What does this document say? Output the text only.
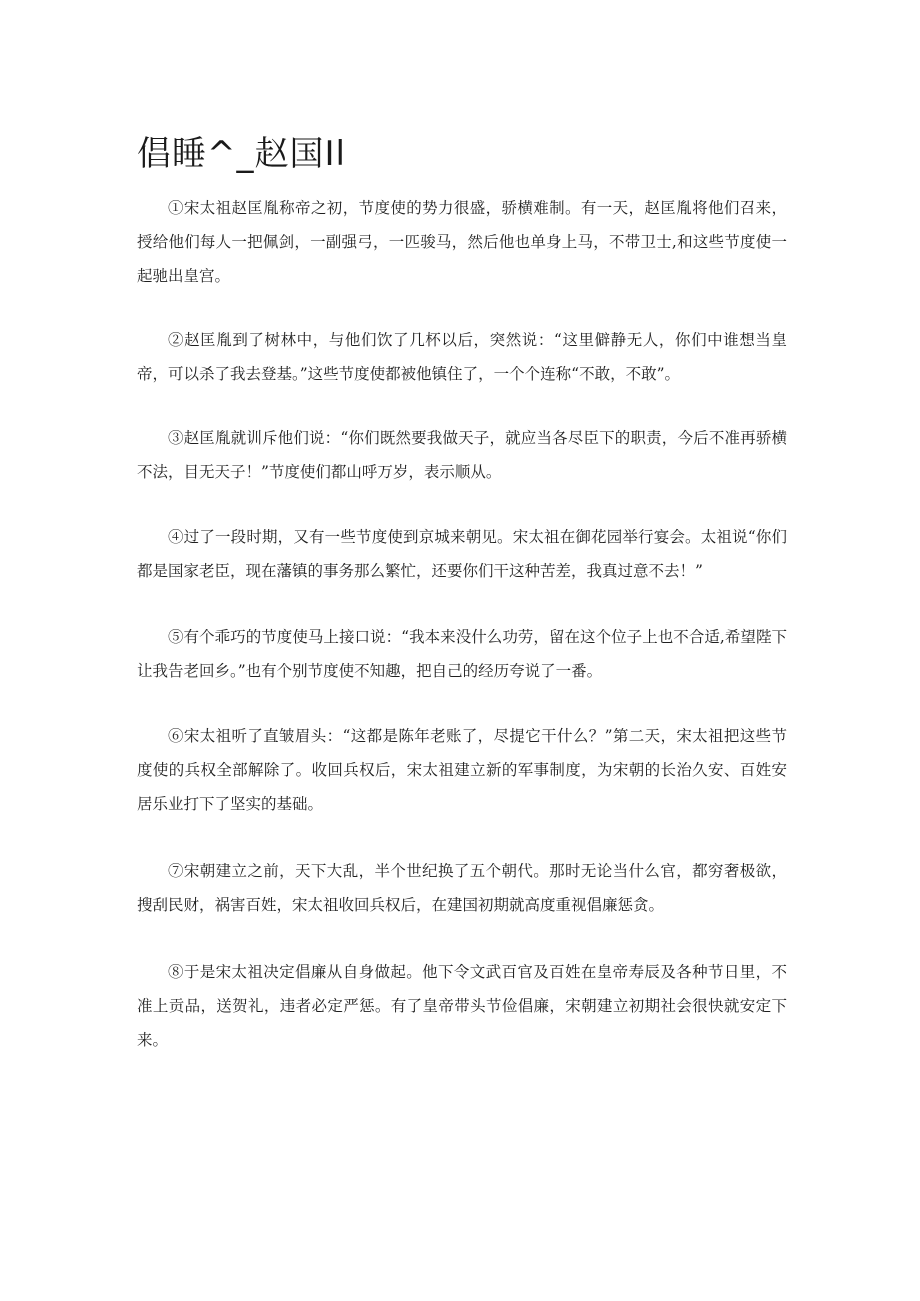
倡睡^_赵国Il

①宋太祖赵匡胤称帝之初，节度使的势力很盛，骄横难制。有一天，赵匡胤将他们召来，授给他们每人一把佩剑，一副强弓，一匹骏马，然后他也单身上马，不带卫士,和这些节度使一起驰出皇宫。

②赵匡胤到了树林中，与他们饮了几杯以后，突然说：“这里僻静无人，你们中谁想当皇帝，可以杀了我去登基。”这些节度使都被他镇住了，一个个连称“不敢，不敢”。

③赵匡胤就训斥他们说：“你们既然要我做天子，就应当各尽臣下的职责，今后不准再骄横不法，目无天子！”节度使们都山呼万岁，表示顺从。

④过了一段时期，又有一些节度使到京城来朝见。宋太祖在御花园举行宴会。太祖说“你们都是国家老臣，现在藩镇的事务那么繁忙，还要你们干这种苦差，我真过意不去！”

⑤有个乖巧的节度使马上接口说：“我本来没什么功劳，留在这个位子上也不合适,希望陛下让我告老回乡。”也有个别节度使不知趣，把自己的经历夸说了一番。

⑥宋太祖听了直皱眉头：“这都是陈年老账了，尽提它干什么？”第二天，宋太祖把这些节度使的兵权全部解除了。收回兵权后，宋太祖建立新的军事制度，为宋朝的长治久安、百姓安居乐业打下了坚实的基础。

⑦宋朝建立之前，天下大乱，半个世纪换了五个朝代。那时无论当什么官，都穷奢极欲，搜刮民财，祸害百姓，宋太祖收回兵权后，在建国初期就高度重视倡廉惩贪。

⑧于是宋太祖决定倡廉从自身做起。他下令文武百官及百姓在皇帝寿辰及各种节日里，不准上贡品，送贺礼，违者必定严惩。有了皇帝带头节俭倡廉，宋朝建立初期社会很快就安定下来。
